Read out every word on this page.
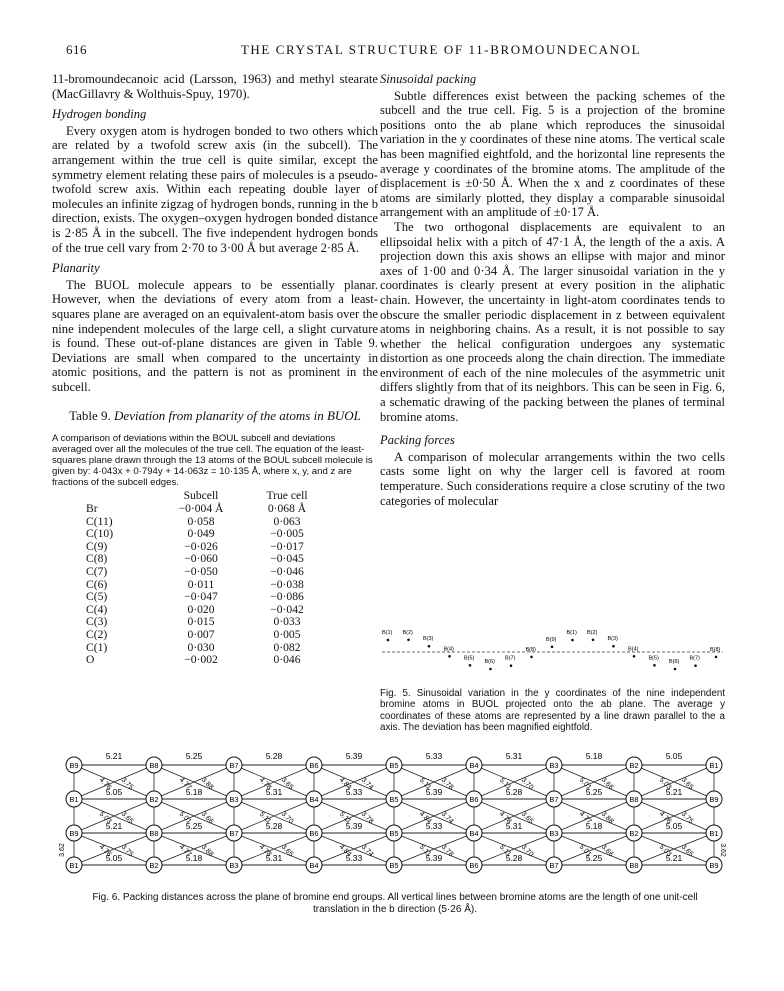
616	THE CRYSTAL STRUCTURE OF 11-BROMOUNDECANOL

11-bromoundecanoic acid (Larsson, 1963) and methyl stearate (MacGillavry & Wolthuis-Spuy, 1970).

Hydrogen bonding

Every oxygen atom is hydrogen bonded to two others which are related by a twofold screw axis (in the subcell). The arrangement within the true cell is quite similar, except the symmetry element relating these pairs of molecules is a pseudo-twofold screw axis. Within each repeating double layer of molecules an infinite zigzag of hydrogen bonds, running in the b direction, exists. The oxygen–oxygen hydrogen bonded distance is 2·85 Å in the subcell. The five independent hydrogen bonds of the true cell vary from 2·70 to 3·00 Å but average 2·85 Å.

Planarity

The BUOL molecule appears to be essentially planar. However, when the deviations of every atom from a least-squares plane are averaged on an equivalent-atom basis over the nine independent molecules of the large cell, a slight curvature is found. These out-of-plane distances are given in Table 9. Deviations are small when compared to the uncertainty in atomic positions, and the pattern is not as prominent in the subcell.

Table 9. Deviation from planarity of the atoms in BUOL

A comparison of deviations within the BOUL subcell and deviations averaged over all the molecules of the true cell. The equation of the least-squares plane drawn through the 13 atoms of the BOUL subcell molecule is given by: 4·043x + 0·794y + 14·063z = 10·135 Å, where x, y, and z are fractions of the subcell edges.

	Subcell	True cell
Br	−0·004 Å	0·068 Å
C(11)	0·058	0·063
C(10)	0·049	−0·005
C(9)	−0·026	−0·017
C(8)	−0·060	−0·045
C(7)	−0·050	−0·046
C(6)	0·011	−0·038
C(5)	−0·047	−0·086
C(4)	0·020	−0·042
C(3)	0·015	0·033
C(2)	0·007	0·005
C(1)	0·030	0·082
O	−0·002	0·046

Sinusoidal packing

Subtle differences exist between the packing schemes of the subcell and the true cell. Fig. 5 is a projection of the bromine positions onto the ab plane which reproduces the sinusoidal variation in the y coordinates of these nine atoms. The vertical scale has been magnified eightfold, and the horizontal line represents the average y coordinates of the bromine atoms. The amplitude of the displacement is ±0·50 Å. When the x and z coordinates of these atoms are similarly plotted, they display a comparable sinusoidal arrangement with an amplitude of ±0·17 Å.

The two orthogonal displacements are equivalent to an ellipsoidal helix with a pitch of 47·1 Å, the length of the a axis. A projection down this axis shows an ellipse with major and minor axes of 1·00 and 0·34 Å. The larger sinusoidal variation in the y coordinates is clearly present at every position in the aliphatic chain. However, the uncertainty in light-atom coordinates tends to obscure the smaller periodic displacement in z between equivalent atoms in neighboring chains. As a result, it is not possible to say whether the helical configuration undergoes any systematic distortion as one proceeds along the chain direction. The immediate environment of each of the nine molecules of the asymmetric unit differs slightly from that of its neighbors. This can be seen in Fig. 6, a schematic drawing of the packing between the planes of terminal bromine atoms.

Packing forces

A comparison of molecular arrangements within the two cells casts some light on why the larger cell is favored at room temperature. Such considerations require a close scrutiny of the two categories of molecular

B(1) B(2)
B(3)
B(4)
B(5)
B(6)
B(7)
B(8)
B(9)
B(1) B(2)
B(3)
B(4)
B(5)
B(6)
B(7)
B(8)
Fig. 5. Sinusoidal variation in the y coordinates of the nine independent bromine atoms in BUOL projected onto the ab plane. The average y coordinates of these atoms are represented by a line drawn parallel to the a axis. The deviation has been magnified eightfold.
B9	B8	B7	B6	B5	B4	B3	B2	B1
B1	B2	B3	B4	B5	B6	B7	B8	B9
B9	B8	B7	B6	B5	B4	B3	B2	B1
B1	B2	B3	B4	B5	B6	B7	B8	B9
5.21	5.25	5.28	5.39	5.33	5.31	5.18	5.05
5.05	5.18	5.31	5.33	5.39	5.28	5.25	5.21
5.21	5.25	5.28	5.39	5.33	5.31	5.18	5.05
5.05	5.18	5.31	5.33	5.39	5.28	5.25	5.21
4.76	4.77	4.78	4.84	5.11	5.11	5.01	5.03
3.75	3.88	3.65	3.74	3.78	3.70	3.66	3.65
5.03	5.01	5.11	5.11	4.84	4.78	4.77	4.76
3.65	3.66	3.70	3.78	3.74	3.65	3.88	3.75
4.76	4.77	4.78	4.84	5.11	5.11	5.01	5.03
3.75	3.88	3.65	3.74	3.78	3.70	3.66	3.65
3.62	3.62
Fig. 6. Packing distances across the plane of bromine end groups. All vertical lines between bromine atoms are the length of one unit-cell translation in the b direction (5·26 Å).
